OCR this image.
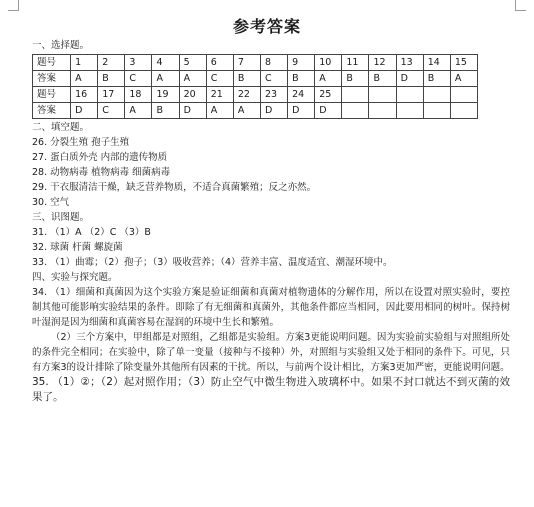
参考答案
一、选择题。
题号	1	2	3	4	5	6	7	8	9	10	11	12	13	14	15
答案	A	B	C	A	A	C	B	C	B	A	B	B	D	B	A
题号	16	17	18	19	20	21	22	23	24	25					
答案	D	C	A	B	D	A	A	D	D	D					
二、填空题。
26. 分裂生殖 孢子生殖
27. 蛋白质外壳 内部的遗传物质
28. 动物病毒 植物病毒 细菌病毒
29. 干衣服清洁干燥，缺乏营养物质，不适合真菌繁殖；反之亦然。
30. 空气
三、识图题。
31. （1）A （2）C （3）B
32. 球菌 杆菌 螺旋菌
33. （1）曲霉；（2）孢子；（3）吸收营养；（4）营养丰富、温度适宜、潮湿环境中。
四、实验与探究题。
34. （1）细菌和真菌因为这个实验方案是验证细菌和真菌对植物遗体的分解作用，所以在设置对照实验时，要控制其他可能影响实验结果的条件。即除了有无细菌和真菌外，其他条件都应当相同，因此要用相同的树叶。保持树叶湿润是因为细菌和真菌容易在湿润的环境中生长和繁殖。
（2）三个方案中，甲组都是对照组，乙组都是实验组。方案3更能说明问题。因为实验前实验组与对照组所处的条件完全相同；在实验中，除了单一变量（接种与不接种）外，对照组与实验组又处于相同的条件下。可见，只有方案3的设计排除了除变量外其他所有因素的干扰。所以，与前两个设计相比，方案3更加严密，更能说明问题。
35. （1）②；（2）起对照作用；（3）防止空气中微生物进入玻璃杯中。如果不封口就达不到灭菌的效果了。
